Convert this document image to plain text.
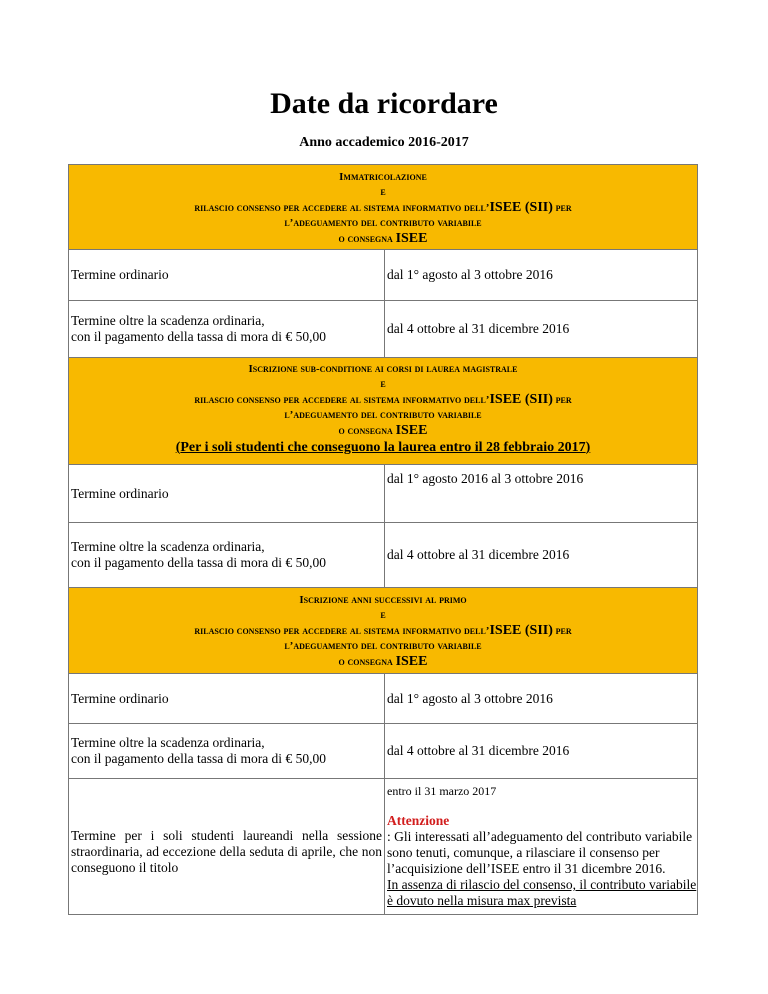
Date da ricordare
Anno accademico 2016-2017
Immatricolazione
e
rilascio consenso per accedere al sistema informativo dell’ISEE (SII) per
l’adeguamento del contributo variabile
o consegna ISEE
Termine ordinario	dal 1° agosto al 3 ottobre 2016
Termine oltre la scadenza ordinaria,
con il pagamento della tassa di mora di € 50,00
dal 4 ottobre al 31 dicembre 2016
Iscrizione sub-conditione ai corsi di laurea magistrale
e
rilascio consenso per accedere al sistema informativo dell’ISEE (SII) per
l’adeguamento del contributo variabile
o consegna ISEE
(Per i soli studenti che conseguono la laurea entro il 28 febbraio 2017)
Termine ordinario
dal 1° agosto 2016 al 3 ottobre 2016
Termine oltre la scadenza ordinaria,
con il pagamento della tassa di mora di € 50,00
dal 4 ottobre al 31 dicembre 2016
Iscrizione anni successivi al primo
e
rilascio consenso per accedere al sistema informativo dell’ISEE (SII) per
l’adeguamento del contributo variabile
o consegna ISEE
Termine ordinario	dal 1° agosto al 3 ottobre 2016
Termine oltre la scadenza ordinaria,
con il pagamento della tassa di mora di € 50,00
dal 4 ottobre al 31 dicembre 2016
Termine per i soli studenti laureandi nella sessione straordinaria, ad eccezione della seduta di aprile, che non conseguono il titolo
entro il 31 marzo 2017
Attenzione
: Gli interessati all’adeguamento del contributo variabile sono tenuti, comunque, a rilasciare il consenso per l’acquisizione dell’ISEE entro il 31 dicembre 2016.
In assenza di rilascio del consenso, il contributo variabile è dovuto nella misura max prevista
